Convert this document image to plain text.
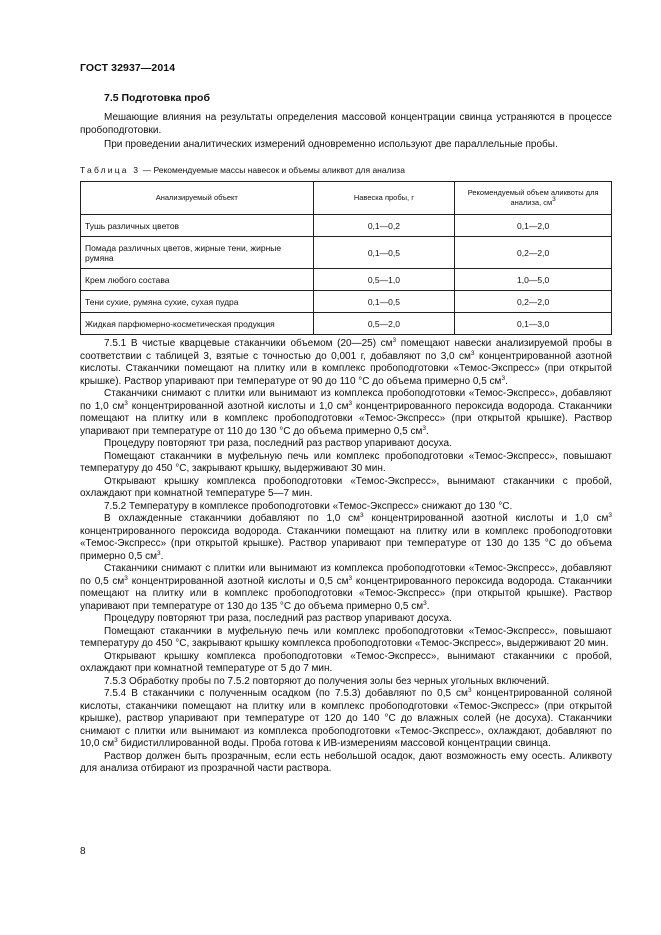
ГОСТ 32937—2014
7.5 Подготовка проб

Мешающие влияния на результаты определения массовой концентрации свинца устраняются в процессе пробоподготовки.

При проведении аналитических измерений одновременно используют две параллельные пробы.

Таблица 3 — Рекомендуемые массы навесок и объемы аликвот для анализа
Анализируемый объект	Навеска пробы, г	Рекомендуемый объем аликвоты для анализа, $см^3$
Тушь различных цветов	0,1—0,2	0,1—2,0
Помада различных цветов, жирные тени, жирные румяна	0,1—0,5	0,2—2,0
Крем любого состава	0,5—1,0	1,0—5,0
Тени сухие, румяна сухие, сухая пудра	0,1—0,5	0,2—2,0
Жидкая парфюмерно-косметическая продукция	0,5—2,0	0,1—3,0

7.5.1 В чистые кварцевые стаканчики объемом (20—25) $см^3$ помещают навески анализируемой пробы в соответствии с таблицей 3, взятые с точностью до 0,001 г, добавляют по 3,0 $см^3$ концентрированной азотной кислоты. Стаканчики помещают на плитку или в комплекс пробоподготовки «Темос-Экспресс» (при открытой крышке). Раствор упаривают при температуре от 90 до 110 °С до объема примерно 0,5 $см^3$.

Стаканчики снимают с плитки или вынимают из комплекса пробоподготовки «Темос-Экспресс», добавляют по 1,0 $см^3$ концентрированной азотной кислоты и 1,0 $см^3$ концентрированного пероксида водорода. Стаканчики помещают на плитку или в комплекс пробоподготовки «Темос-Экспресс» (при открытой крышке). Раствор упаривают при температуре от 110 до 130 °С до объема примерно 0,5 $см^3$.

Процедуру повторяют три раза, последний раз раствор упаривают досуха.

Помещают стаканчики в муфельную печь или комплекс пробоподготовки «Темос-Экспресс», повышают температуру до 450 °С, закрывают крышку, выдерживают 30 мин.

Открывают крышку комплекса пробоподготовки «Темос-Экспресс», вынимают стаканчики с пробой, охлаждают при комнатной температуре 5—7 мин.

7.5.2 Температуру в комплексе пробоподготовки «Темос-Экспресс» снижают до 130 °С.

В охлажденные стаканчики добавляют по 1,0 $см^3$ концентрированной азотной кислоты и 1,0 $см^3$ концентрированного пероксида водорода. Стаканчики помещают на плитку или в комплекс пробоподготовки «Темос-Экспресс» (при открытой крышке). Раствор упаривают при температуре от 130 до 135 °С до объема примерно 0,5 $см^3$.

Стаканчики снимают с плитки или вынимают из комплекса пробоподготовки «Темос-Экспресс», добавляют по 0,5 $см^3$ концентрированной азотной кислоты и 0,5 $см^3$ концентрированного пероксида водорода. Стаканчики помещают на плитку или в комплекс пробоподготовки «Темос-Экспресс» (при открытой крышке). Раствор упаривают при температуре от 130 до 135 °С до объема примерно 0,5 $см^3$.

Процедуру повторяют три раза, последний раз раствор упаривают досуха.

Помещают стаканчики в муфельную печь или комплекс пробоподготовки «Темос-Экспресс», повышают температуру до 450 °С, закрывают крышку комплекса пробоподготовки «Темос-Экспресс», выдерживают 20 мин.

Открывают крышку комплекса пробоподготовки «Темос-Экспресс», вынимают стаканчики с пробой, охлаждают при комнатной температуре от 5 до 7 мин.

7.5.3 Обработку пробы по 7.5.2 повторяют до получения золы без черных угольных включений.

7.5.4 В стаканчики с полученным осадком (по 7.5.3) добавляют по 0,5 $см^3$ концентрированной соляной кислоты, стаканчики помещают на плитку или в комплекс пробоподготовки «Темос-Экспресс» (при открытой крышке), раствор упаривают при температуре от 120 до 140 °С до влажных солей (не досуха). Стаканчики снимают с плитки или вынимают из комплекса пробоподготовки «Темос-Экспресс», охлаждают, добавляют по 10,0 $см^3$ бидистиллированной воды. Проба готова к ИВ-измерениям массовой концентрации свинца.

Раствор должен быть прозрачным, если есть небольшой осадок, дают возможность ему осесть. Аликвоту для анализа отбирают из прозрачной части раствора.

8
